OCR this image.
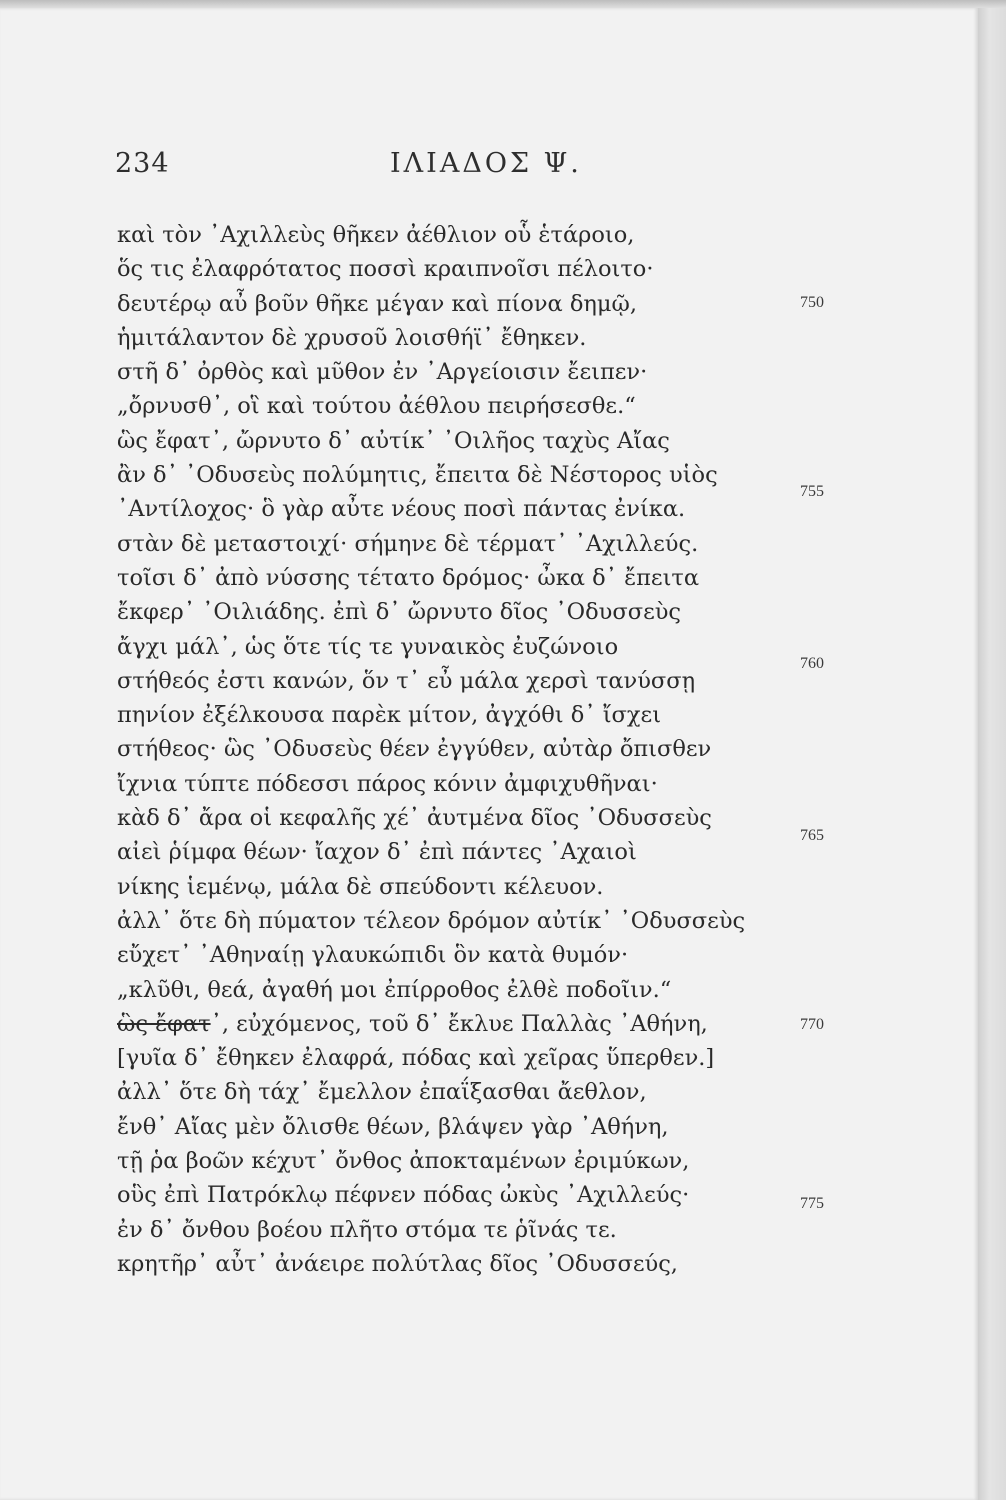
234	ΙΛΙΑΔΟΣ Ψ.
καὶ τὸν ᾿Αχιλλεὺς θῆκεν ἀέθλιον οὗ ἑτάροιο,
ὅς τις ἐλαφρότατος ποσσὶ κραιπνοῖσι πέλοιτο·
δευτέρῳ αὖ βοῦν θῆκε μέγαν καὶ πίονα δημῷ,
ἡμιτάλαντον δὲ χρυσοῦ λοισθήϊ᾿ ἔθηκεν.
στῆ δ᾿ ὀρθὸς καὶ μῦθον ἐν ᾿Αργείοισιν ἔειπεν·
„ὄρνυσθ᾿, οἳ καὶ τούτου ἀέθλου πειρήσεσθε.“
ὣς ἔφατ᾿, ὤρνυτο δ᾿ αὐτίκ᾿ ᾿Οιλῆος ταχὺς Αἴας
ἂν δ᾿ ᾿Οδυσεὺς πολύμητις, ἔπειτα δὲ Νέστορος υἱὸς
᾿Αντίλοχος· ὃ γὰρ αὖτε νέους ποσὶ πάντας ἐνίκα.
στὰν δὲ μεταστοιχί· σήμηνε δὲ τέρματ᾿ ᾿Αχιλλεύς.
τοῖσι δ᾿ ἀπὸ νύσσης τέτατο δρόμος· ὦκα δ᾿ ἔπειτα
ἔκφερ᾿ ᾿Οιλιάδης. ἐπὶ δ᾿ ὤρνυτο δῖος ᾿Οδυσσεὺς
ἄγχι μάλ᾿, ὡς ὅτε τίς τε γυναικὸς ἐυζώνοιο
στήθεός ἐστι κανών, ὅν τ᾿ εὖ μάλα χερσὶ τανύσσῃ
πηνίον ἐξέλκουσα παρὲκ μίτον, ἀγχόθι δ᾿ ἴσχει
στήθεος· ὣς ᾿Οδυσεὺς θέεν ἐγγύθεν, αὐτὰρ ὄπισθεν
ἴχνια τύπτε πόδεσσι πάρος κόνιν ἀμφιχυθῆναι·
κὰδ δ᾿ ἄρα οἱ κεφαλῆς χέ᾿ ἀυτμένα δῖος ᾿Οδυσσεὺς
αἰεὶ ῥίμφα θέων· ἴαχον δ᾿ ἐπὶ πάντες ᾿Αχαιοὶ
νίκης ἱεμένῳ, μάλα δὲ σπεύδοντι κέλευον.
ἀλλ᾿ ὅτε δὴ πύματον τέλεον δρόμον αὐτίκ᾿ ᾿Οδυσσεὺς
εὔχετ᾿ ᾿Αθηναίῃ γλαυκώπιδι ὃν κατὰ θυμόν·
„κλῦθι, θεά, ἀγαθή μοι ἐπίρροθος ἐλθὲ ποδοῖιν.“
ὣς ἔφατ᾿, εὐχόμενος, τοῦ δ᾿ ἔκλυε Παλλὰς ᾿Αθήνη,
[γυῖα δ᾿ ἔθηκεν ἐλαφρά, πόδας καὶ χεῖρας ὕπερθεν.]
ἀλλ᾿ ὅτε δὴ τάχ᾿ ἔμελλον ἐπαΐξασθαι ἄεθλον,
ἔνθ᾿ Αἴας μὲν ὄλισθε θέων, βλάψεν γὰρ ᾿Αθήνη,
τῇ ῥα βοῶν κέχυτ᾿ ὄνθος ἀποκταμένων ἐριμύκων,
οὓς ἐπὶ Πατρόκλῳ πέφνεν πόδας ὠκὺς ᾿Αχιλλεύς·
ἐν δ᾿ ὄνθου βοέου πλῆτο στόμα τε ῥῖνάς τε.
κρητῆρ᾿ αὖτ᾿ ἀνάειρε πολύτλας δῖος ᾿Οδυσσεύς,
750
755
760
765
770
775
